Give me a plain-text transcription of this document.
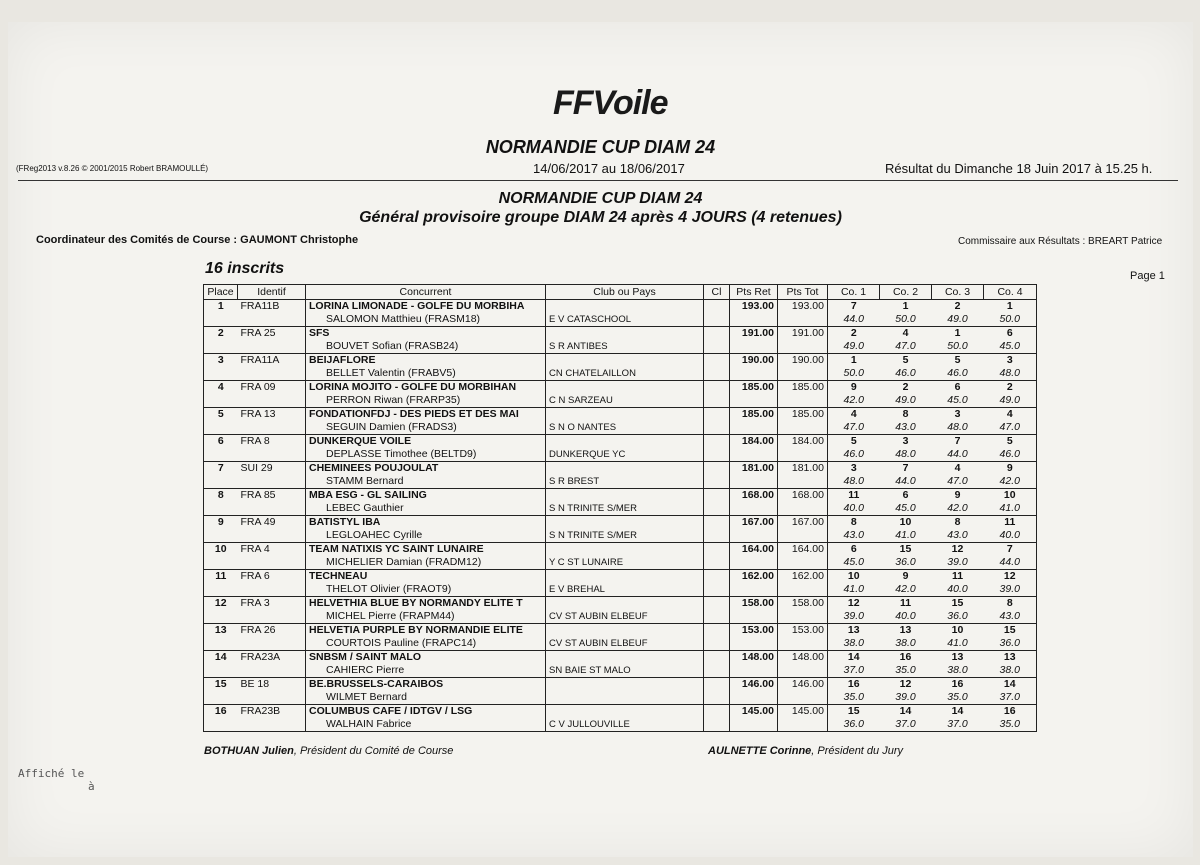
FFVoile
NORMANDIE CUP DIAM 24
(FReg2013 v.8.26 © 2001/2015 Robert BRAMOULLÉ)	14/06/2017 au 18/06/2017	Résultat du Dimanche 18 Juin 2017 à 15.25 h.
NORMANDIE CUP DIAM 24
Général provisoire groupe DIAM 24 après 4 JOURS (4 retenues)
Coordinateur des Comités de Course : GAUMONT Christophe	Commissaire aux Résultats : BREART Patrice
16 inscrits	Page 1
Place	Identif	Concurrent	Club ou Pays	Cl	Pts Ret	Pts Tot	Co. 1	Co. 2	Co. 3	Co. 4
1	FRA11B	LORINA LIMONADE - GOLFE DU MORBIHA			193.00	193.00	7	1	2	1
		SALOMON Matthieu (FRASM18)	E V CATASCHOOL				44.0	50.0	49.0	50.0
2	FRA 25	SFS			191.00	191.00	2	4	1	6
		BOUVET Sofian (FRASB24)	S R ANTIBES				49.0	47.0	50.0	45.0
3	FRA11A	BEIJAFLORE			190.00	190.00	1	5	5	3
		BELLET Valentin (FRABV5)	CN CHATELAILLON				50.0	46.0	46.0	48.0
4	FRA 09	LORINA MOJITO - GOLFE DU MORBIHAN			185.00	185.00	9	2	6	2
		PERRON Riwan (FRARP35)	C N SARZEAU				42.0	49.0	45.0	49.0
5	FRA 13	FONDATIONFDJ - DES PIEDS ET DES MAI			185.00	185.00	4	8	3	4
		SEGUIN Damien (FRADS3)	S N O NANTES				47.0	43.0	48.0	47.0
6	FRA 8	DUNKERQUE VOILE			184.00	184.00	5	3	7	5
		DEPLASSE Timothee (BELTD9)	DUNKERQUE YC				46.0	48.0	44.0	46.0
7	SUI 29	CHEMINEES POUJOULAT			181.00	181.00	3	7	4	9
		STAMM Bernard	S R BREST				48.0	44.0	47.0	42.0
8	FRA 85	MBA ESG - GL SAILING			168.00	168.00	11	6	9	10
		LEBEC Gauthier	S N TRINITE S/MER				40.0	45.0	42.0	41.0
9	FRA 49	BATISTYL IBA			167.00	167.00	8	10	8	11
		LEGLOAHEC Cyrille	S N TRINITE S/MER				43.0	41.0	43.0	40.0
10	FRA 4	TEAM NATIXIS YC SAINT LUNAIRE			164.00	164.00	6	15	12	7
		MICHELIER Damian (FRADM12)	Y C ST LUNAIRE				45.0	36.0	39.0	44.0
11	FRA 6	TECHNEAU			162.00	162.00	10	9	11	12
		THELOT Olivier (FRAOT9)	E V BREHAL				41.0	42.0	40.0	39.0
12	FRA 3	HELVETHIA BLUE BY NORMANDY ELITE T			158.00	158.00	12	11	15	8
		MICHEL Pierre (FRAPM44)	CV ST AUBIN ELBEUF				39.0	40.0	36.0	43.0
13	FRA 26	HELVETIA PURPLE BY NORMANDIE ELITE			153.00	153.00	13	13	10	15
		COURTOIS Pauline (FRAPC14)	CV ST AUBIN ELBEUF				38.0	38.0	41.0	36.0
14	FRA23A	SNBSM / SAINT MALO			148.00	148.00	14	16	13	13
		CAHIERC Pierre	SN BAIE ST MALO				37.0	35.0	38.0	38.0
15	BE 18	BE.BRUSSELS-CARAIBOS			146.00	146.00	16	12	16	14
		WILMET Bernard					35.0	39.0	35.0	37.0
16	FRA23B	COLUMBUS CAFE / IDTGV / LSG			145.00	145.00	15	14	14	16
		WALHAIN Fabrice	C V JULLOUVILLE				36.0	37.0	37.0	35.0
BOTHUAN Julien, Président du Comité de Course	AULNETTE Corinne, Président du Jury
Affiché le
à
